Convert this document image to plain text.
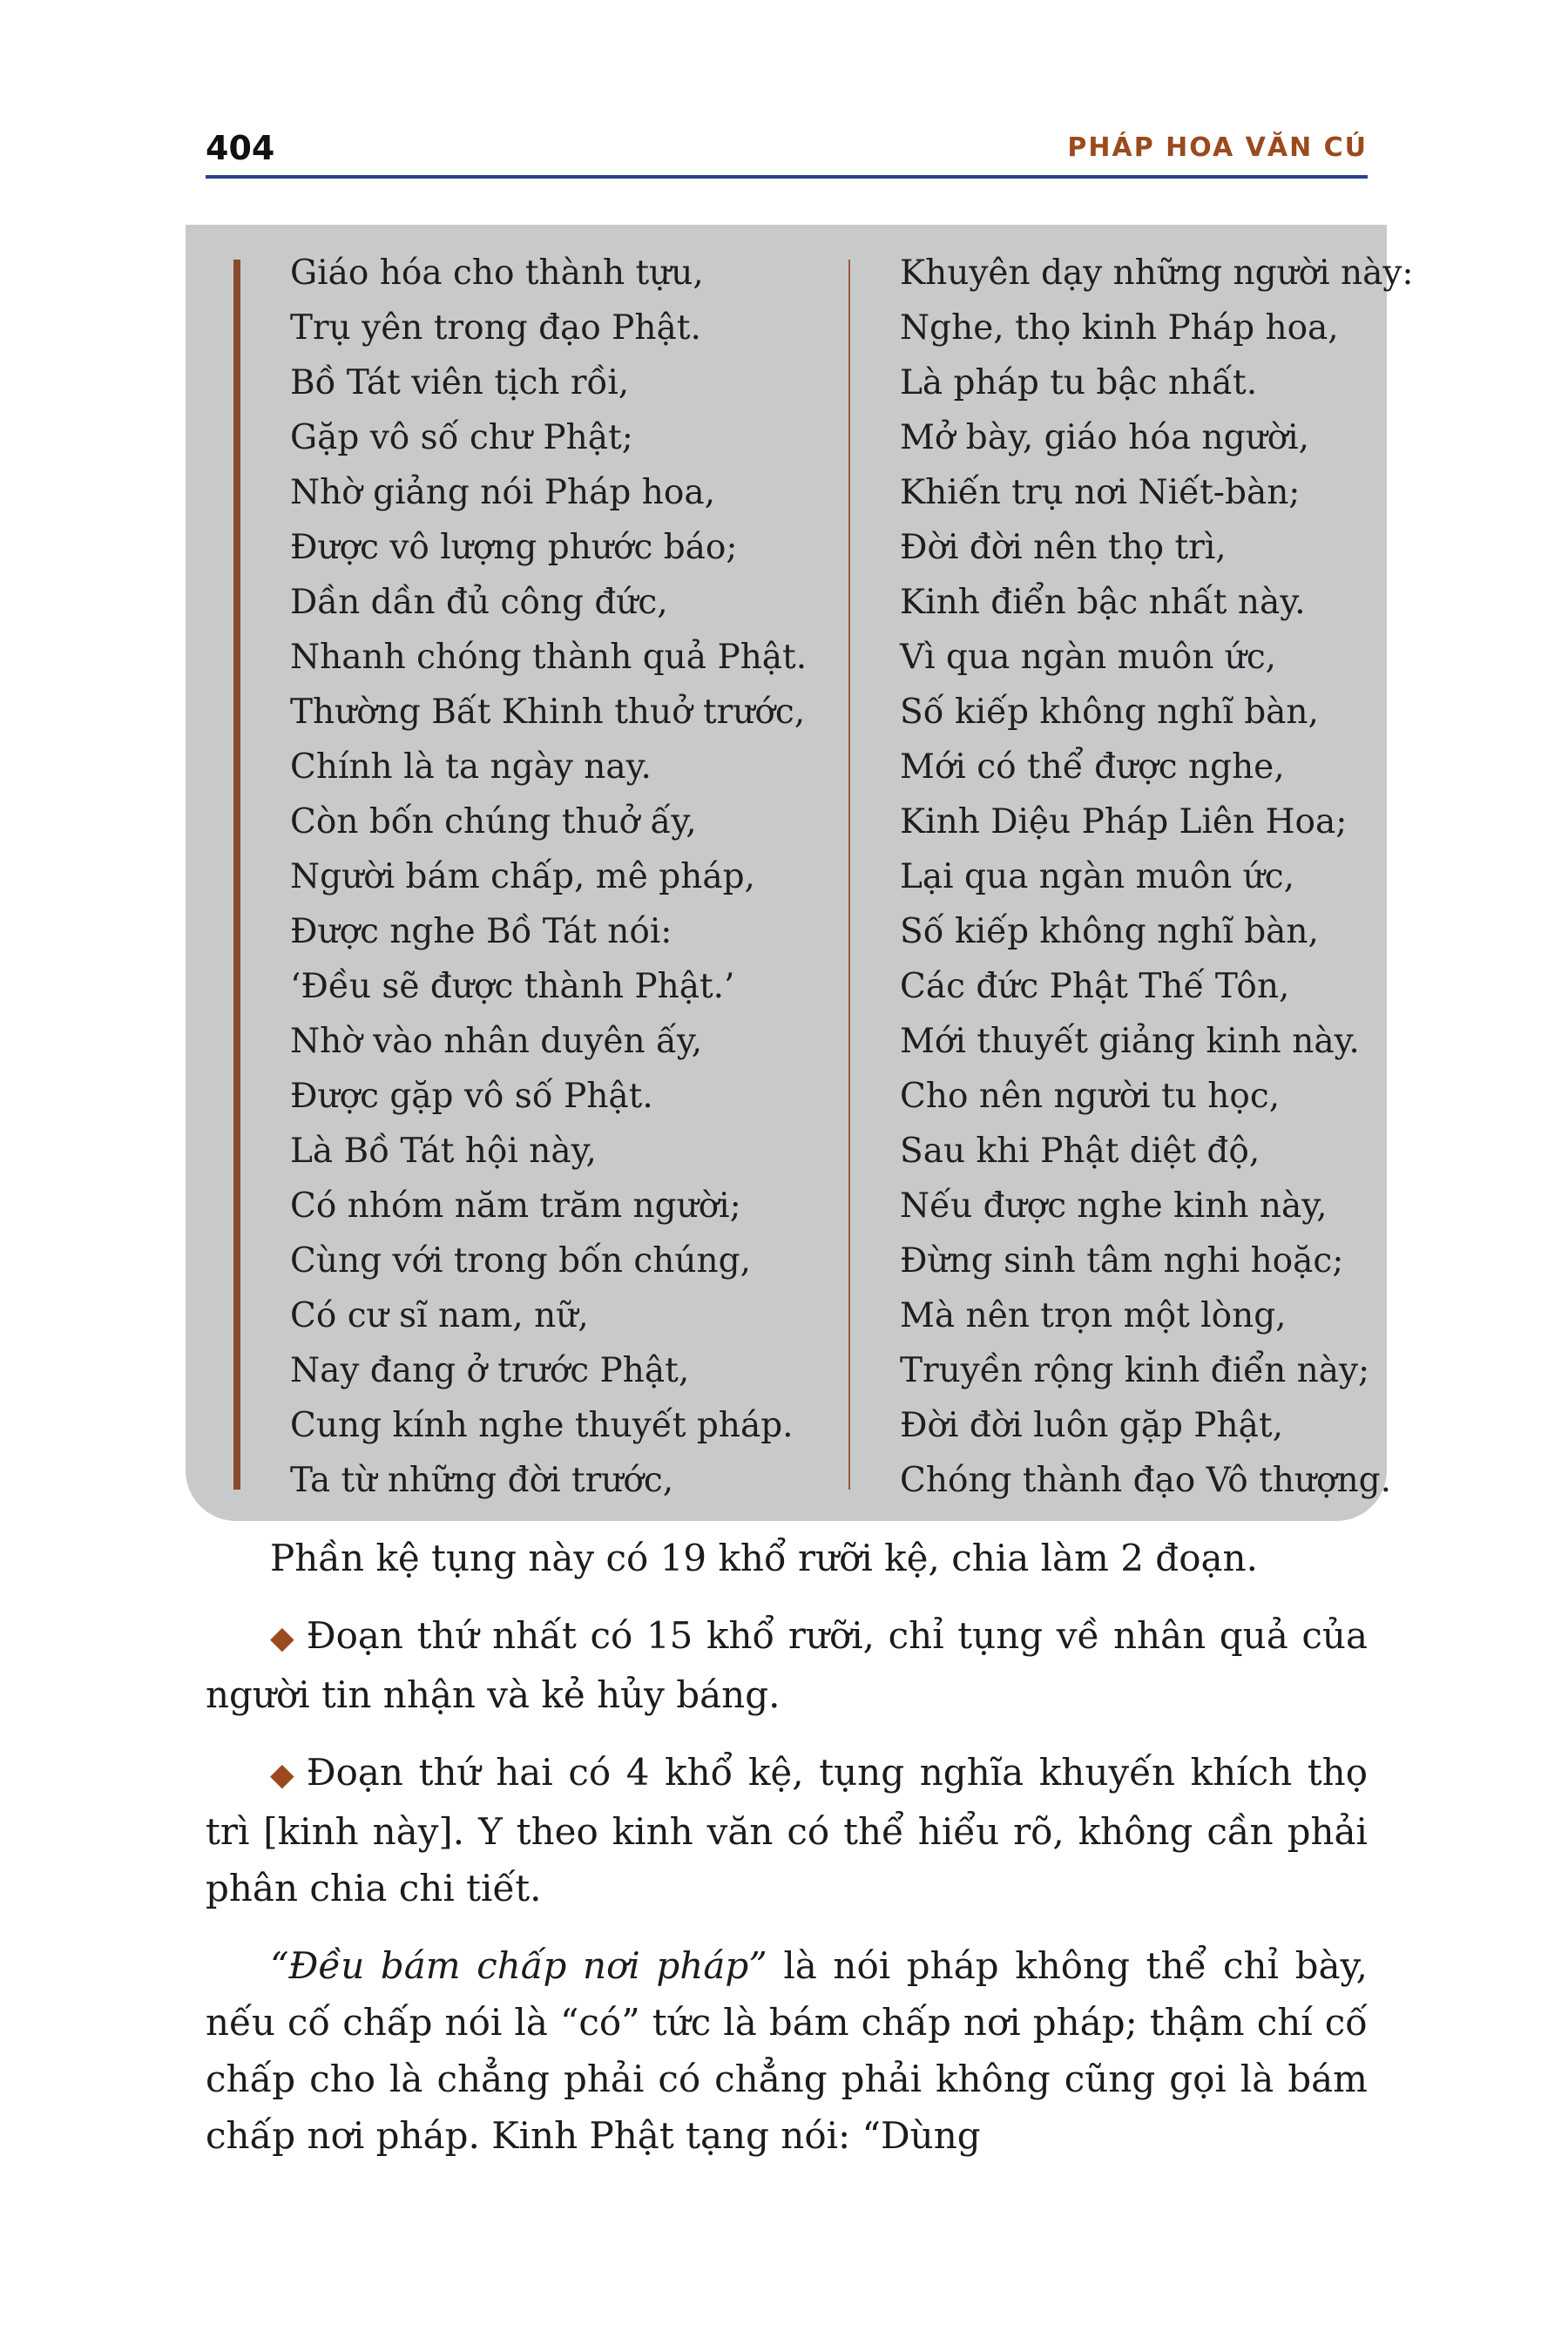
404	PHÁP HOA VĂN CÚ
Giáo hóa cho thành tựu,
Trụ yên trong đạo Phật.
Bồ Tát viên tịch rồi,
Gặp vô số chư Phật;
Nhờ giảng nói Pháp hoa,
Được vô lượng phước báo;
Dần dần đủ công đức,
Nhanh chóng thành quả Phật.
Thường Bất Khinh thuở trước,
Chính là ta ngày nay.
Còn bốn chúng thuở ấy,
Người bám chấp, mê pháp,
Được nghe Bồ Tát nói:
‘Đều sẽ được thành Phật.’
Nhờ vào nhân duyên ấy,
Được gặp vô số Phật.
Là Bồ Tát hội này,
Có nhóm năm trăm người;
Cùng với trong bốn chúng,
Có cư sĩ nam, nữ,
Nay đang ở trước Phật,
Cung kính nghe thuyết pháp.
Ta từ những đời trước,
Khuyên dạy những người này:
Nghe, thọ kinh Pháp hoa,
Là pháp tu bậc nhất.
Mở bày, giáo hóa người,
Khiến trụ nơi Niết-bàn;
Đời đời nên thọ trì,
Kinh điển bậc nhất này.
Vì qua ngàn muôn ức,
Số kiếp không nghĩ bàn,
Mới có thể được nghe,
Kinh Diệu Pháp Liên Hoa;
Lại qua ngàn muôn ức,
Số kiếp không nghĩ bàn,
Các đức Phật Thế Tôn,
Mới thuyết giảng kinh này.
Cho nên người tu học,
Sau khi Phật diệt độ,
Nếu được nghe kinh này,
Đừng sinh tâm nghi hoặc;
Mà nên trọn một lòng,
Truyền rộng kinh điển này;
Đời đời luôn gặp Phật,
Chóng thành đạo Vô thượng.

Phần kệ tụng này có 19 khổ rưỡi kệ, chia làm 2 đoạn.

◆ Đoạn thứ nhất có 15 khổ rưỡi, chỉ tụng về nhân quả của người tin nhận và kẻ hủy báng.

◆ Đoạn thứ hai có 4 khổ kệ, tụng nghĩa khuyến khích thọ trì [kinh này]. Y theo kinh văn có thể hiểu rõ, không cần phải phân chia chi tiết.

“Đều bám chấp nơi pháp” là nói pháp không thể chỉ bày, nếu cố chấp nói là “có” tức là bám chấp nơi pháp; thậm chí cố chấp cho là chẳng phải có chẳng phải không cũng gọi là bám chấp nơi pháp. Kinh Phật tạng nói: “Dùng
